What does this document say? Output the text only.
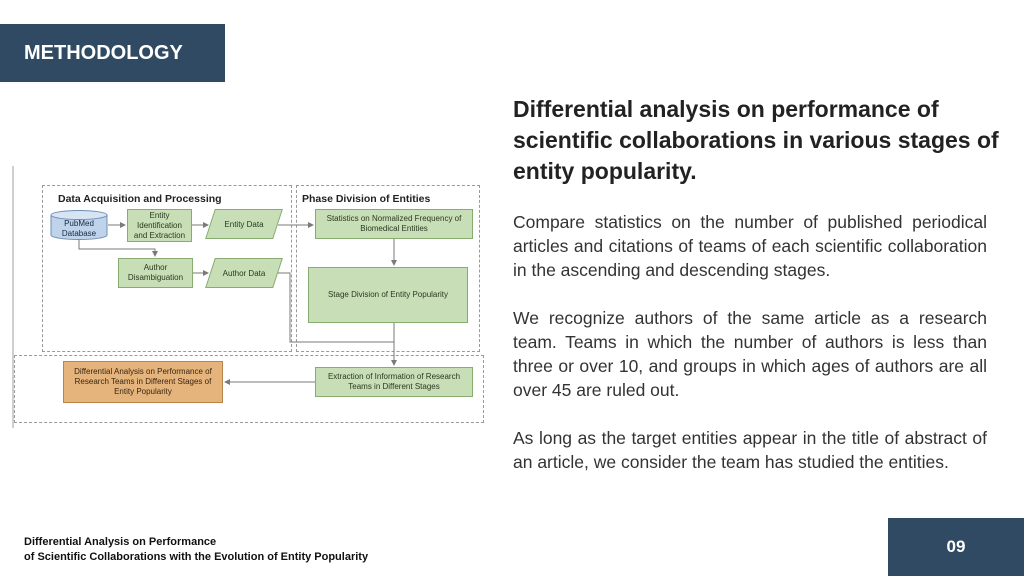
METHODOLOGY
Differential analysis on performance of scientific collaborations in various stages of entity popularity.

Compare statistics on the number of published periodical articles and citations of teams of each scientific collaboration in the ascending and descending stages.

We recognize authors of the same article as a research team. Teams in which the number of authors is less than three or over 10, and groups in which ages of authors are all over 45 are ruled out.

As long as the target entities appear in the title of abstract of an article, we consider the team has studied the entities.

Data Acquisition and Processing	Phase Division of Entities
PubMed Database
Entity Identification and Extraction
Entity Data
Author Disambiguation	Author Data
Statistics on Normalized Frequency of Biomedical Entities
Stage Division of Entity Popularity
Extraction of Information of Research Teams in Different Stages
Differential Analysis on Performance of Research Teams in Different Stages of Entity Popularity
Differential Analysis on Performance
of Scientific Collaborations with the Evolution of Entity Popularity
09
